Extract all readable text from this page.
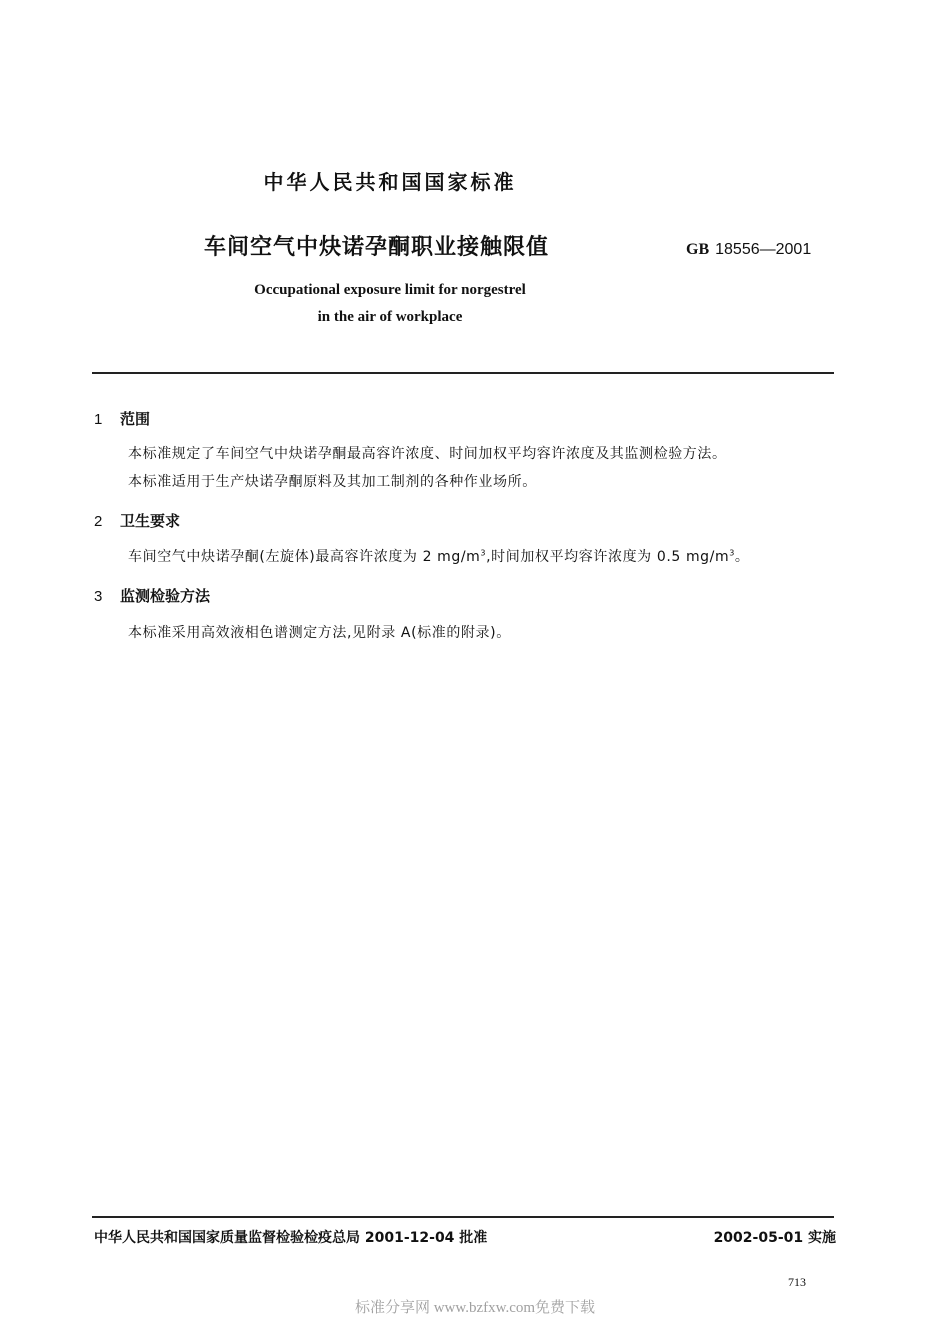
中华人民共和国国家标准
车间空气中炔诺孕酮职业接触限值	GB 18556—2001
Occupational exposure limit for norgestrel
in the air of workplace
1 范围
本标准规定了车间空气中炔诺孕酮最高容许浓度、时间加权平均容许浓度及其监测检验方法。
本标准适用于生产炔诺孕酮原料及其加工制剂的各种作业场所。
2 卫生要求
车间空气中炔诺孕酮(左旋体)最高容许浓度为 2 $mg/m^3$,时间加权平均容许浓度为 0.5 $mg/m^3$。
3 监测检验方法
本标准采用高效液相色谱测定方法,见附录 A(标准的附录)。
中华人民共和国国家质量监督检验检疫总局 2001-12-04 批准	2002-05-01 实施
713
标准分享网 www.bzfxw.com免费下载
